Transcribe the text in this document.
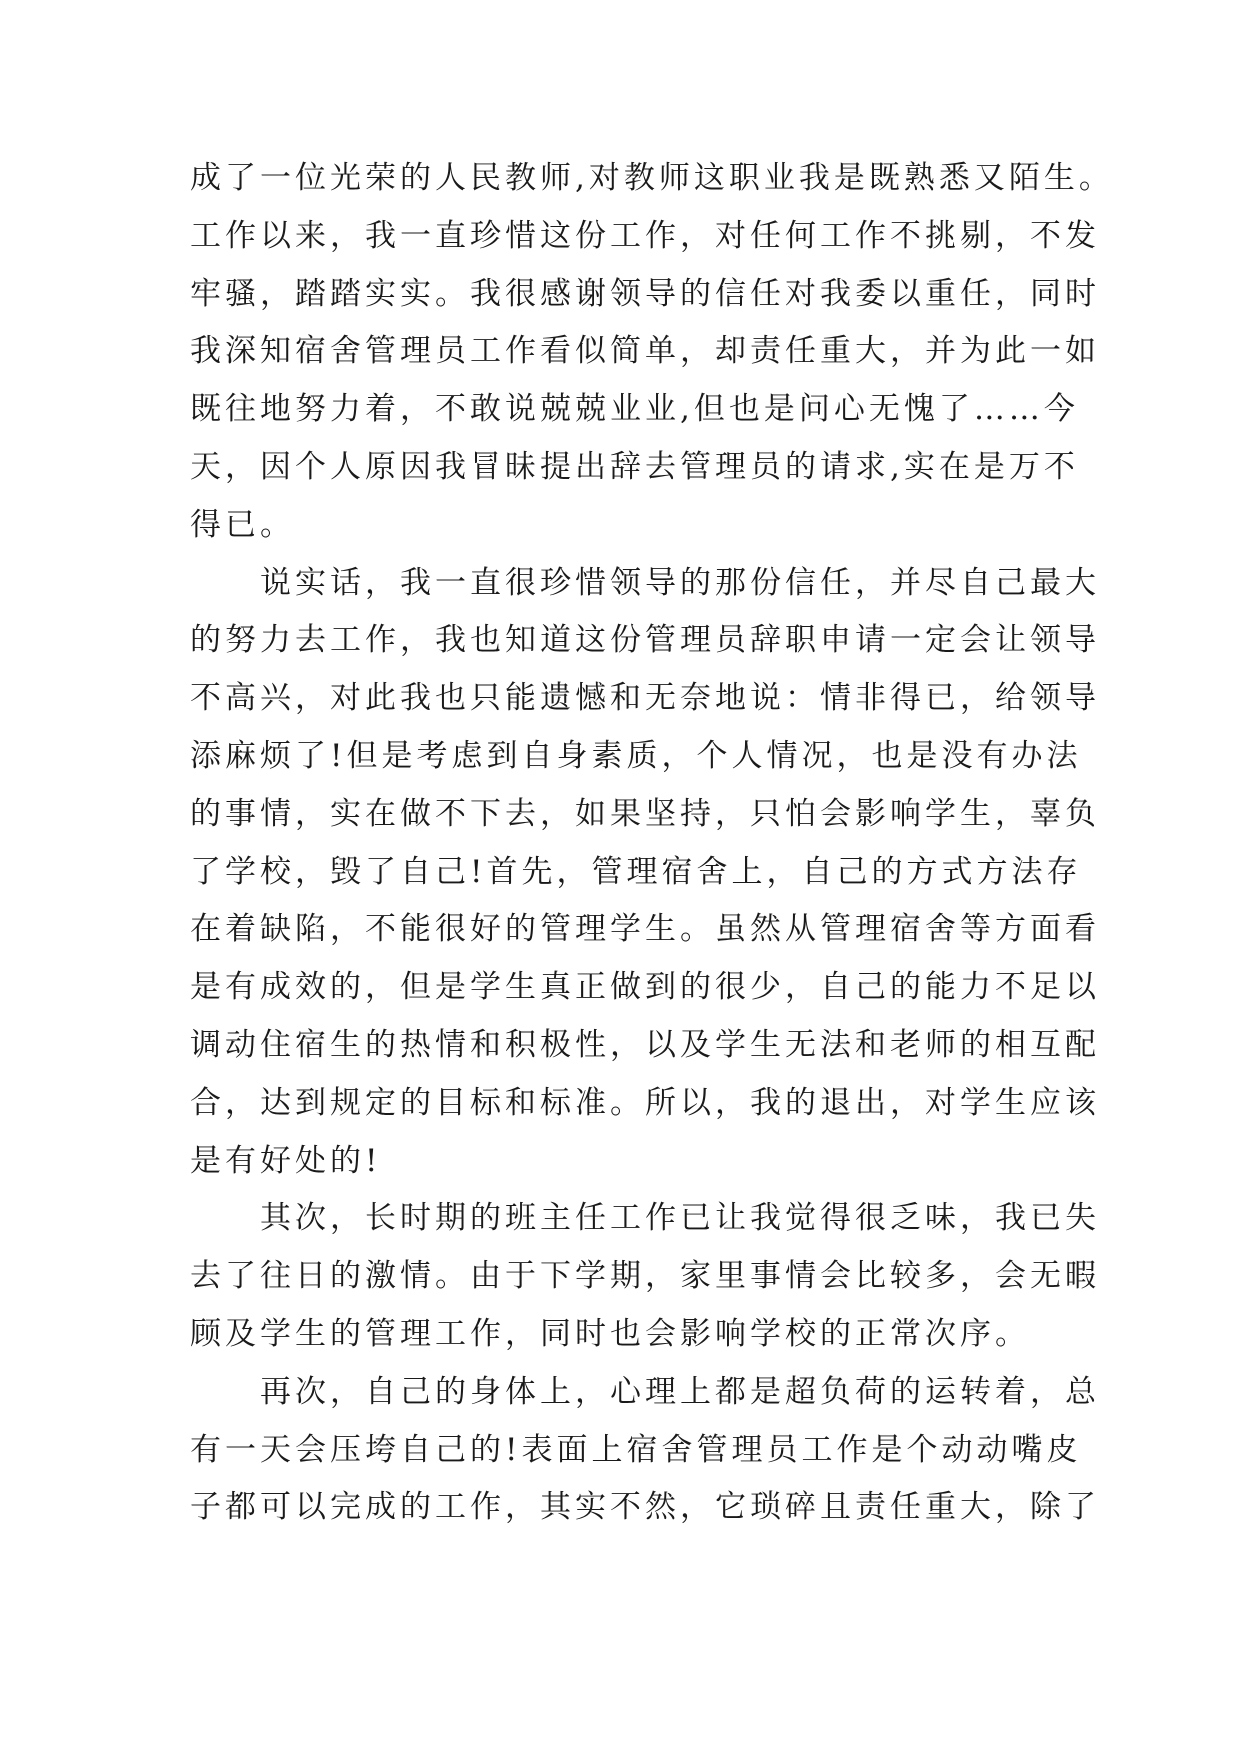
成了一位光荣的人民教师,对教师这职业我是既熟悉又陌生。
工作以来，我一直珍惜这份工作，对任何工作不挑剔，不发
牢骚，踏踏实实。我很感谢领导的信任对我委以重任，同时
我深知宿舍管理员工作看似简单，却责任重大，并为此一如
既往地努力着，不敢说兢兢业业,但也是问心无愧了……今
天，因个人原因我冒昧提出辞去管理员的请求,实在是万不
得已。
说实话，我一直很珍惜领导的那份信任，并尽自己最大
的努力去工作，我也知道这份管理员辞职申请一定会让领导
不高兴，对此我也只能遗憾和无奈地说：情非得已，给领导
添麻烦了!但是考虑到自身素质，个人情况，也是没有办法
的事情，实在做不下去，如果坚持，只怕会影响学生，辜负
了学校，毁了自己!首先，管理宿舍上，自己的方式方法存
在着缺陷，不能很好的管理学生。虽然从管理宿舍等方面看
是有成效的，但是学生真正做到的很少，自己的能力不足以
调动住宿生的热情和积极性，以及学生无法和老师的相互配
合，达到规定的目标和标准。所以，我的退出，对学生应该
是有好处的!
其次，长时期的班主任工作已让我觉得很乏味，我已失
去了往日的激情。由于下学期，家里事情会比较多，会无暇
顾及学生的管理工作，同时也会影响学校的正常次序。
再次，自己的身体上，心理上都是超负荷的运转着，总
有一天会压垮自己的!表面上宿舍管理员工作是个动动嘴皮
子都可以完成的工作，其实不然，它琐碎且责任重大，除了
